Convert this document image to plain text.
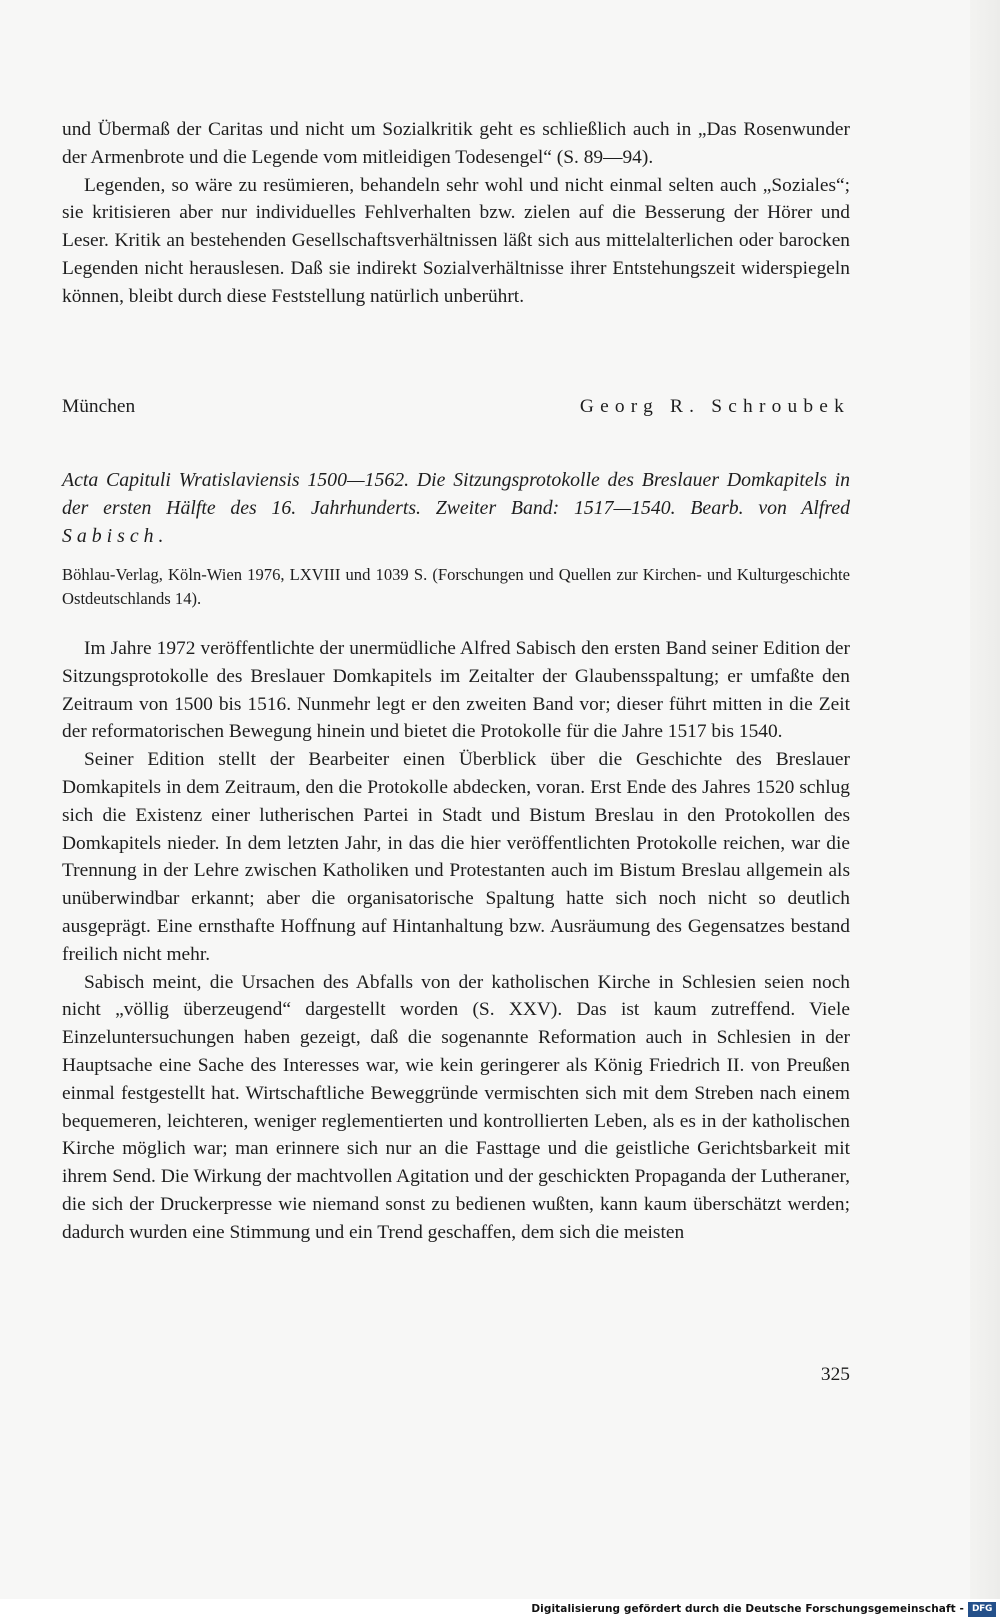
und Übermaß der Caritas und nicht um Sozialkritik geht es schließlich auch in „Das Rosenwunder der Armenbrote und die Legende vom mitleidigen Todesengel“ (S. 89—94).

Legenden, so wäre zu resümieren, behandeln sehr wohl und nicht einmal selten auch „Soziales“; sie kritisieren aber nur individuelles Fehlverhalten bzw. zielen auf die Besserung der Hörer und Leser. Kritik an bestehenden Gesellschaftsverhältnissen läßt sich aus mittelalterlichen oder barocken Legenden nicht herauslesen. Daß sie indirekt Sozialverhältnisse ihrer Entstehungszeit widerspiegeln können, bleibt durch diese Feststellung natürlich unberührt.

München	Georg R. Schroubek
Acta Capituli Wratislaviensis 1500—1562. Die Sitzungsprotokolle des Breslauer Domkapitels in der ersten Hälfte des 16. Jahrhunderts. Zweiter Band: 1517—1540. Bearb. von Alfred Sabisch.
Böhlau-Verlag, Köln-Wien 1976, LXVIII und 1039 S. (Forschungen und Quellen zur Kirchen- und Kulturgeschichte Ostdeutschlands 14).

Im Jahre 1972 veröffentlichte der unermüdliche Alfred Sabisch den ersten Band seiner Edition der Sitzungsprotokolle des Breslauer Domkapitels im Zeitalter der Glaubensspaltung; er umfaßte den Zeitraum von 1500 bis 1516. Nunmehr legt er den zweiten Band vor; dieser führt mitten in die Zeit der reformatorischen Bewegung hinein und bietet die Protokolle für die Jahre 1517 bis 1540.

Seiner Edition stellt der Bearbeiter einen Überblick über die Geschichte des Breslauer Domkapitels in dem Zeitraum, den die Protokolle abdecken, voran. Erst Ende des Jahres 1520 schlug sich die Existenz einer lutherischen Partei in Stadt und Bistum Breslau in den Protokollen des Domkapitels nieder. In dem letzten Jahr, in das die hier veröffentlichten Protokolle reichen, war die Trennung in der Lehre zwischen Katholiken und Protestanten auch im Bistum Breslau allgemein als unüberwindbar erkannt; aber die organisatorische Spaltung hatte sich noch nicht so deutlich ausgeprägt. Eine ernsthafte Hoffnung auf Hintanhaltung bzw. Ausräumung des Gegensatzes bestand freilich nicht mehr.

Sabisch meint, die Ursachen des Abfalls von der katholischen Kirche in Schlesien seien noch nicht „völlig überzeugend“ dargestellt worden (S. XXV). Das ist kaum zutreffend. Viele Einzeluntersuchungen haben gezeigt, daß die sogenannte Reformation auch in Schlesien in der Hauptsache eine Sache des Interesses war, wie kein geringerer als König Friedrich II. von Preußen einmal festgestellt hat. Wirtschaftliche Beweggründe vermischten sich mit dem Streben nach einem bequemeren, leichteren, weniger reglementierten und kontrollierten Leben, als es in der katholischen Kirche möglich war; man erinnere sich nur an die Fasttage und die geistliche Gerichtsbarkeit mit ihrem Send. Die Wirkung der machtvollen Agitation und der geschickten Propaganda der Lutheraner, die sich der Druckerpresse wie niemand sonst zu bedienen wußten, kann kaum überschätzt werden; dadurch wurden eine Stimmung und ein Trend geschaffen, dem sich die meisten

325
Digitalisierung gefördert durch die Deutsche Forschungsgemeinschaft - DFG
